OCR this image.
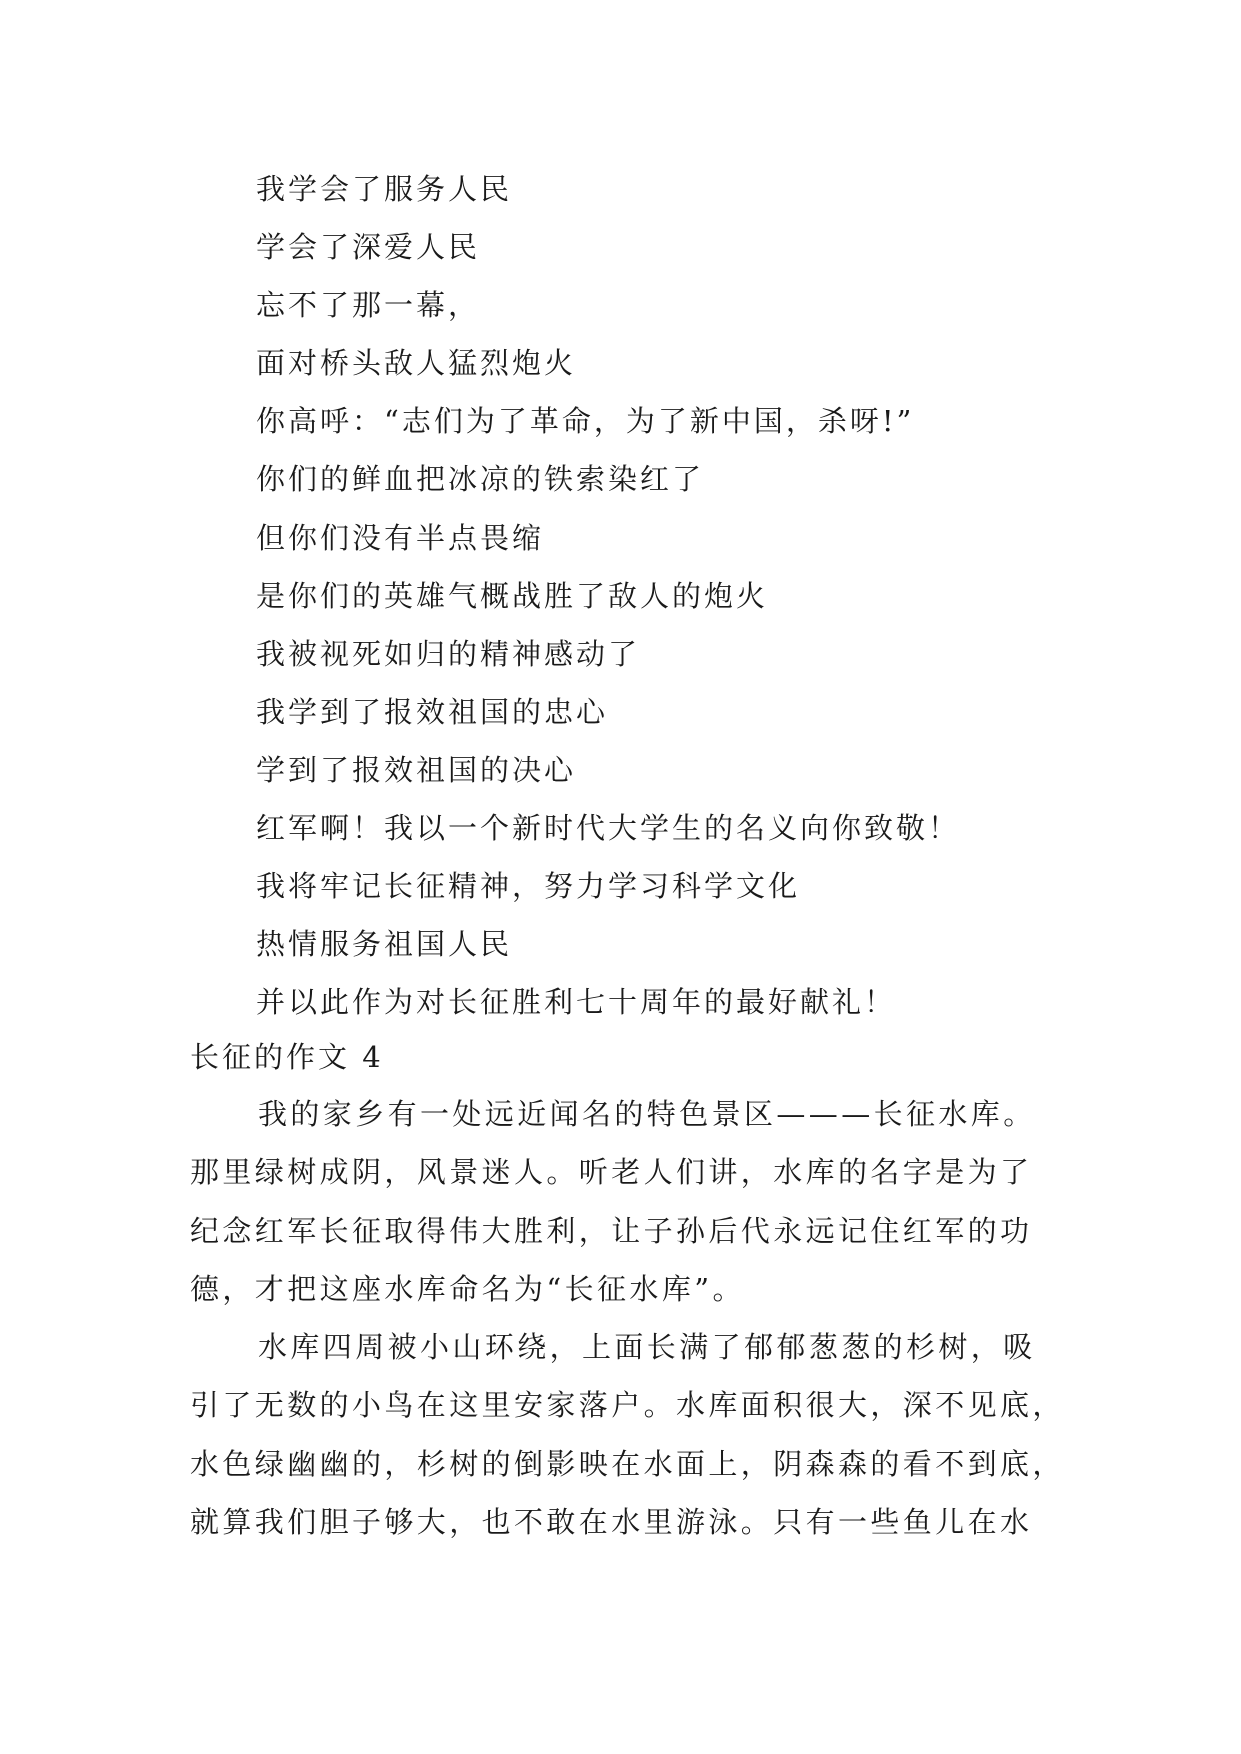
我学会了服务人民
学会了深爱人民
忘不了那一幕，
面对桥头敌人猛烈炮火
你高呼：“志们为了革命，为了新中国，杀呀!”
你们的鲜血把冰凉的铁索染红了
但你们没有半点畏缩
是你们的英雄气概战胜了敌人的炮火
我被视死如归的精神感动了
我学到了报效祖国的忠心
学到了报效祖国的决心
红军啊！我以一个新时代大学生的名义向你致敬！
我将牢记长征精神，努力学习科学文化
热情服务祖国人民
并以此作为对长征胜利七十周年的最好献礼！
长征的作文 4
我的家乡有一处远近闻名的特色景区———长征水库。
那里绿树成阴，风景迷人。听老人们讲，水库的名字是为了
纪念红军长征取得伟大胜利，让子孙后代永远记住红军的功
德，才把这座水库命名为“长征水库”。
水库四周被小山环绕，上面长满了郁郁葱葱的杉树，吸
引了无数的小鸟在这里安家落户。水库面积很大，深不见底，
水色绿幽幽的，杉树的倒影映在水面上，阴森森的看不到底，
就算我们胆子够大，也不敢在水里游泳。只有一些鱼儿在水
